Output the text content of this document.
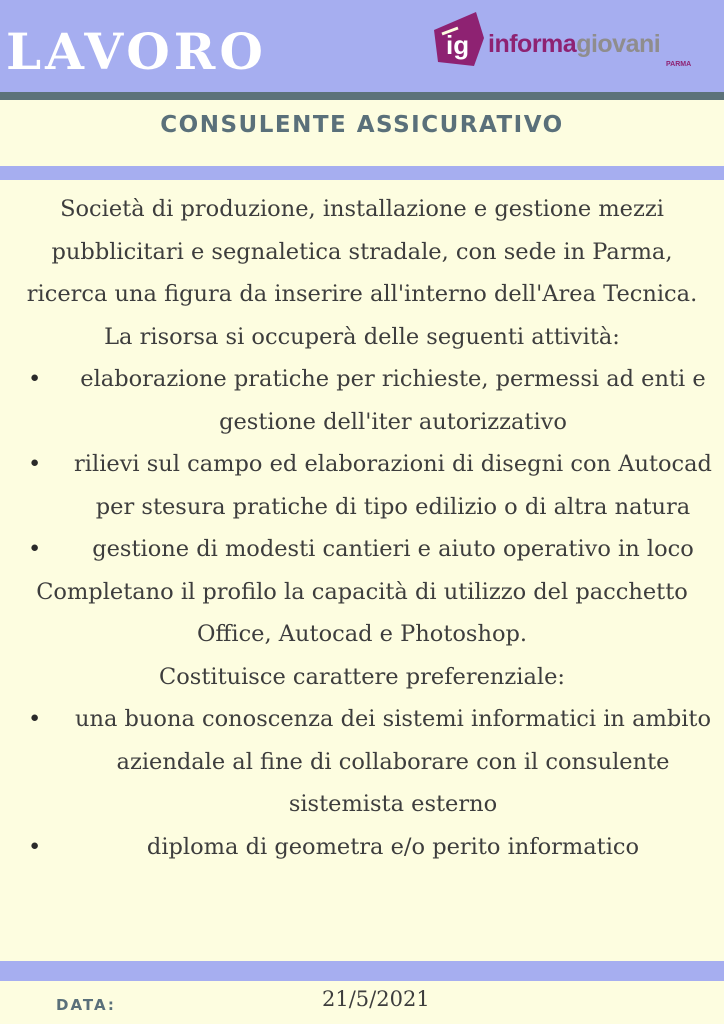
LAVORO	ig informagiovani
PARMA
CONSULENTE ASSICURATIVO

Società di produzione, installazione e gestione mezzi pubblicitari e segnaletica stradale, con sede in Parma, ricerca una figura da inserire all'interno dell'Area Tecnica. La risorsa si occuperà delle seguenti attività:

• elaborazione pratiche per richieste, permessi ad enti e gestione dell'iter autorizzativo
• rilievi sul campo ed elaborazioni di disegni con Autocad per stesura pratiche di tipo edilizio o di altra natura
• gestione di modesti cantieri e aiuto operativo in loco

Completano il profilo la capacità di utilizzo del pacchetto Office, Autocad e Photoshop.

Costituisce carattere preferenziale:

• una buona conoscenza dei sistemi informatici in ambito aziendale al fine di collaborare con il consulente sistemista esterno
• diploma di geometra e/o perito informatico
DATA:	21/5/2021
